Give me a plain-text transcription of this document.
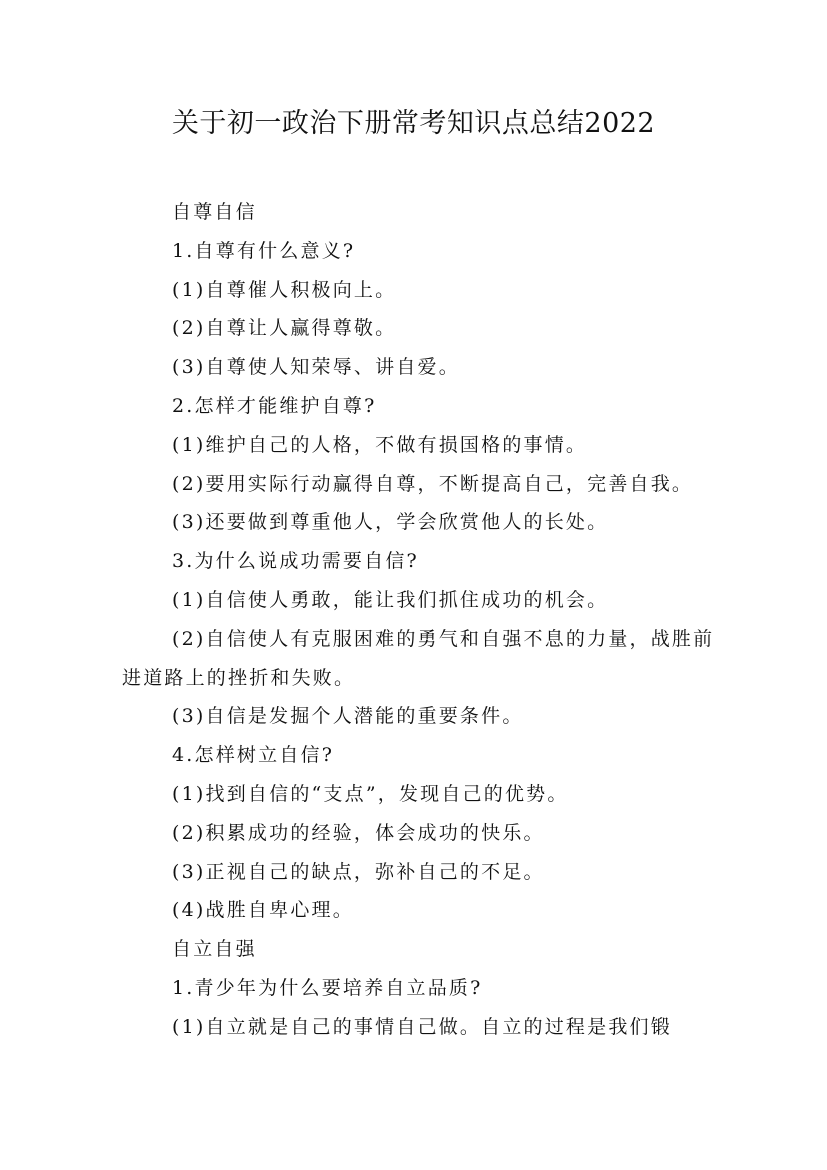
关于初一政治下册常考知识点总结2022

自尊自信

1.自尊有什么意义?

(1)自尊催人积极向上。

(2)自尊让人赢得尊敬。

(3)自尊使人知荣辱、讲自爱。

2.怎样才能维护自尊?

(1)维护自己的人格，不做有损国格的事情。

(2)要用实际行动赢得自尊，不断提高自己，完善自我。

(3)还要做到尊重他人，学会欣赏他人的长处。

3.为什么说成功需要自信?

(1)自信使人勇敢，能让我们抓住成功的机会。

(2)自信使人有克服困难的勇气和自强不息的力量，战胜前进道路上的挫折和失败。

(3)自信是发掘个人潜能的重要条件。

4.怎样树立自信?

(1)找到自信的“支点”，发现自己的优势。

(2)积累成功的经验，体会成功的快乐。

(3)正视自己的缺点，弥补自己的不足。

(4)战胜自卑心理。

自立自强

1.青少年为什么要培养自立品质?

(1)自立就是自己的事情自己做。自立的过程是我们锻
